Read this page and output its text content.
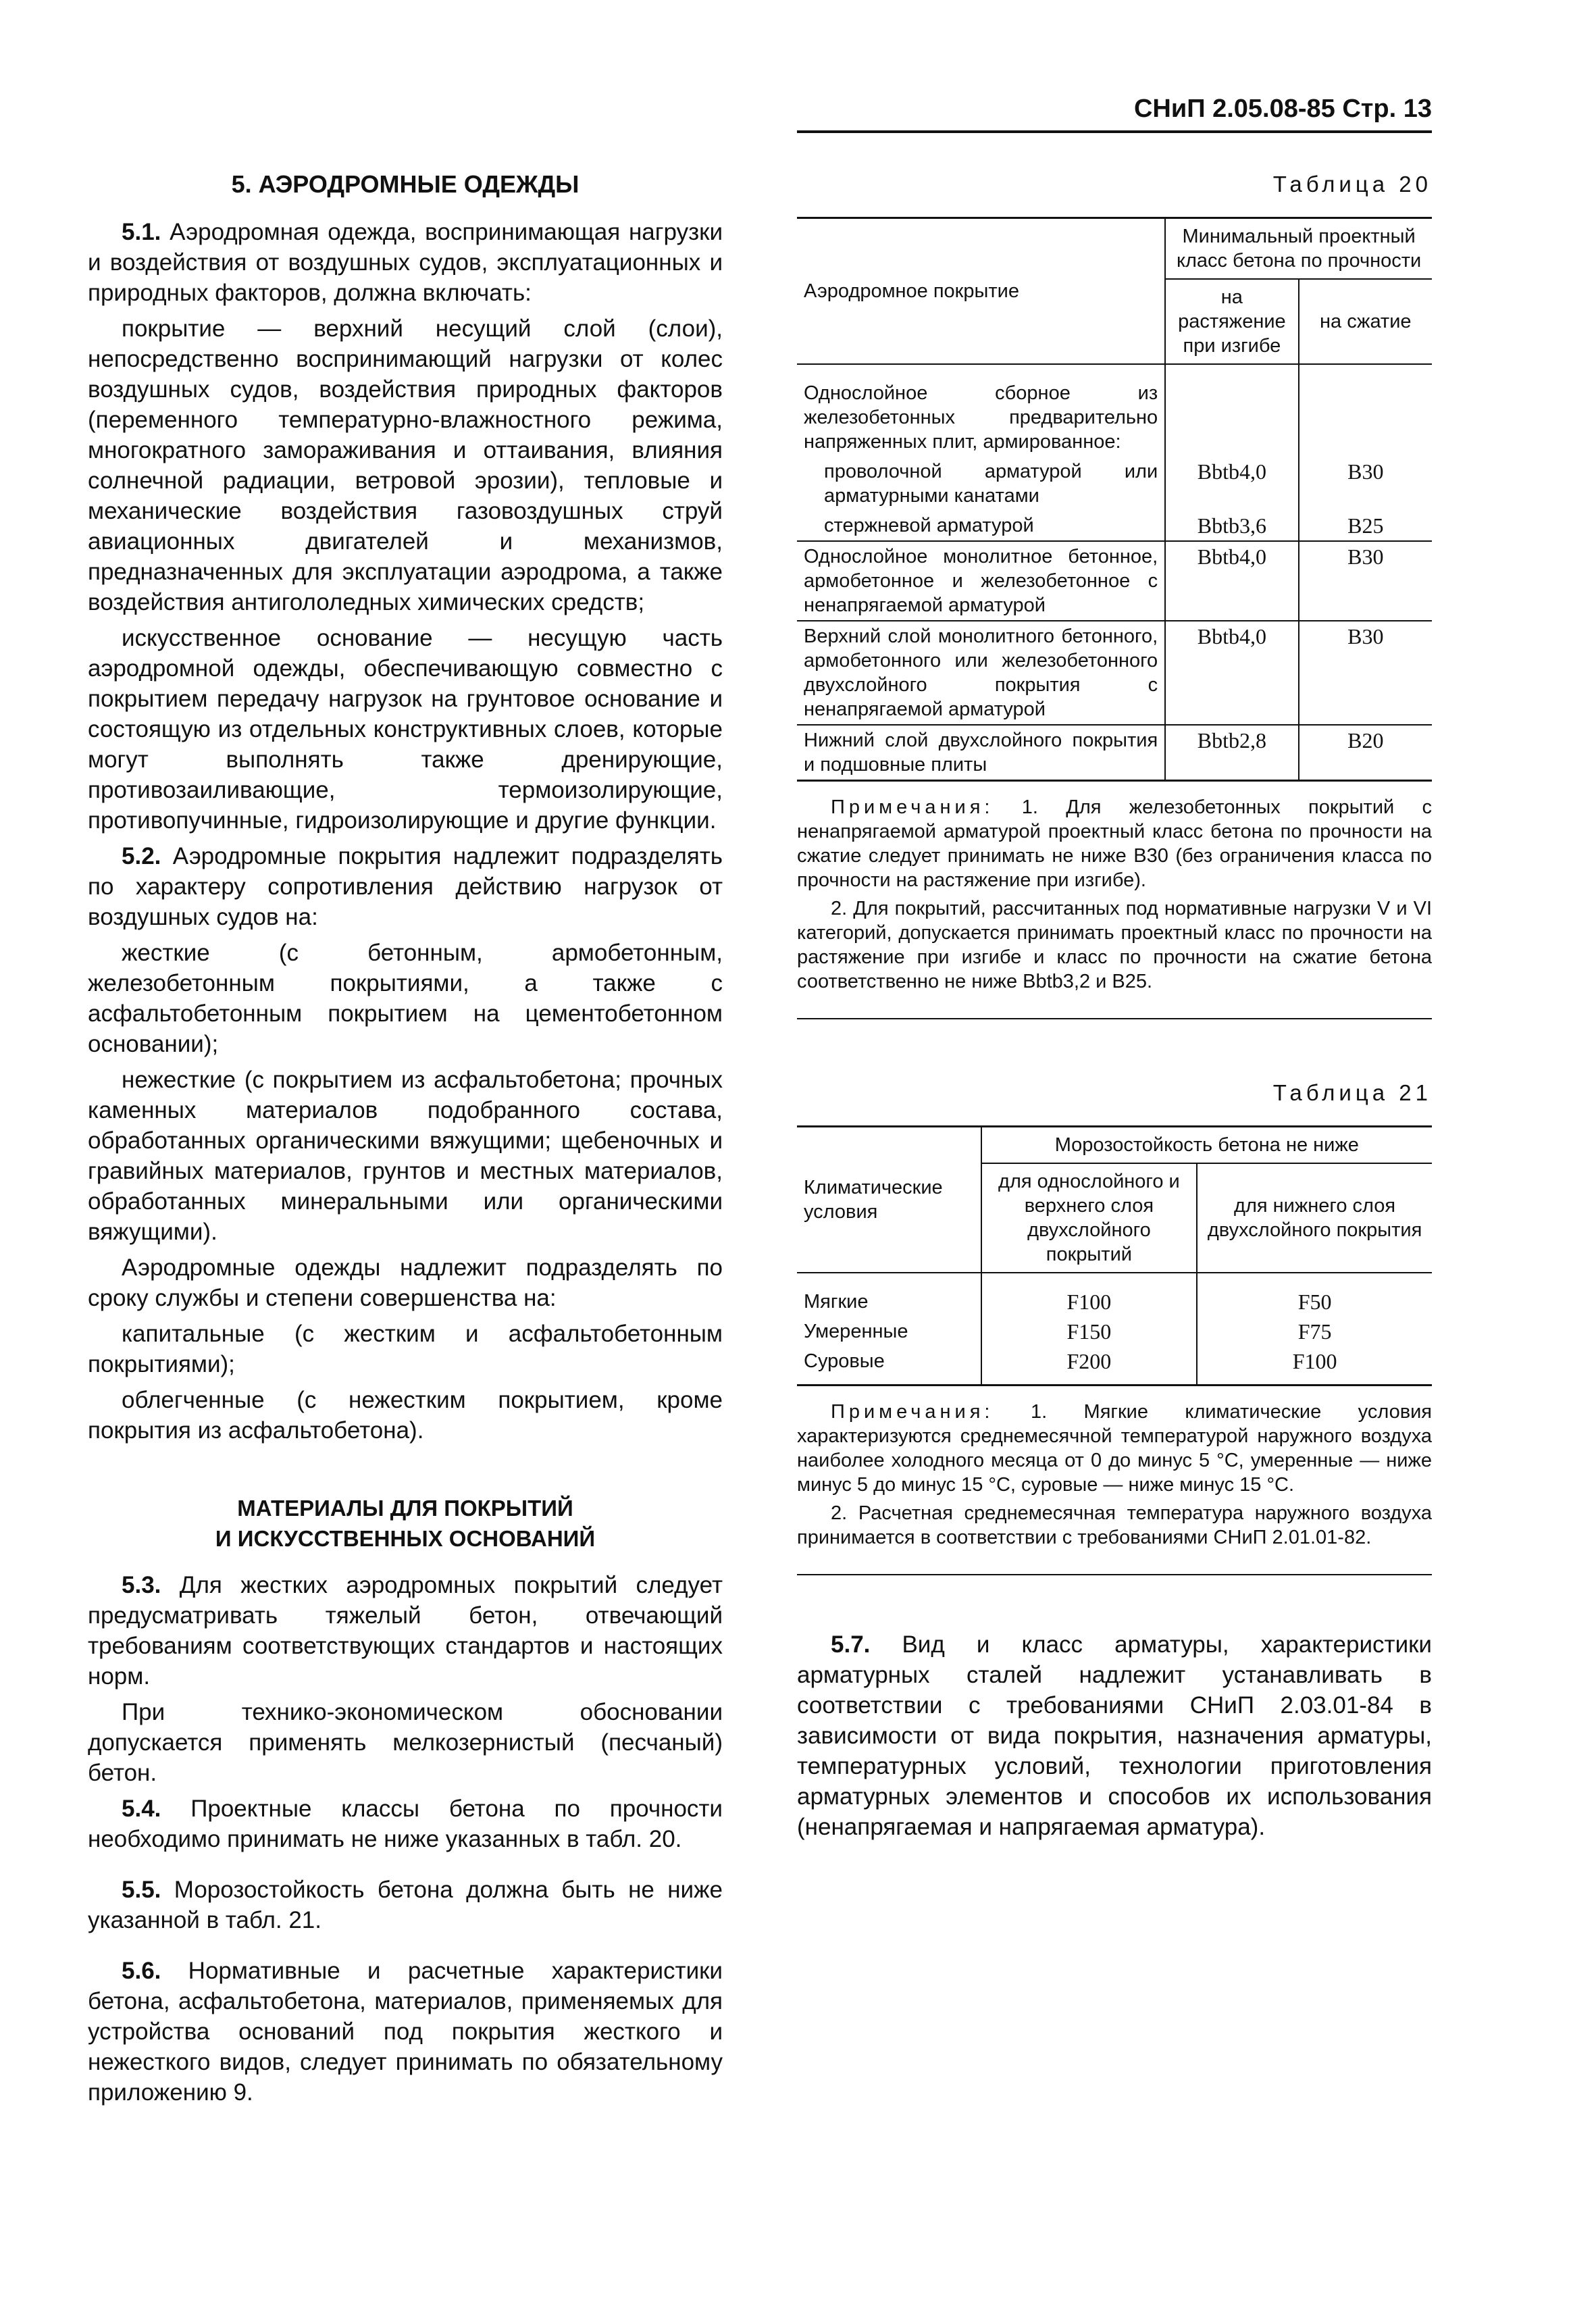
СНиП 2.05.08-85 Стр. 13
5. АЭРОДРОМНЫЕ ОДЕЖДЫ

5.1. Аэродромная одежда, воспринимающая нагрузки и воздействия от воздушных судов, эксплуатационных и природных факторов, должна включать:

покрытие — верхний несущий слой (слои), непосредственно воспринимающий нагрузки от колес воздушных судов, воздействия природных факторов (переменного температурно-влажностного режима, многократного замораживания и оттаивания, влияния солнечной радиации, ветровой эрозии), тепловые и механические воздействия газовоздушных струй авиационных двигателей и механизмов, предназначенных для эксплуатации аэродрома, а также воздействия антигололедных химических средств;

искусственное основание — несущую часть аэродромной одежды, обеспечивающую совместно с покрытием передачу нагрузок на грунтовое основание и состоящую из отдельных конструктивных слоев, которые могут выполнять также дренирующие, противозаиливающие, термоизолирующие, противопучинные, гидроизолирующие и другие функции.

5.2. Аэродромные покрытия надлежит подразделять по характеру сопротивления действию нагрузок от воздушных судов на:

жесткие (с бетонным, армобетонным, железобетонным покрытиями, а также с асфальтобетонным покрытием на цементобетонном основании);

нежесткие (с покрытием из асфальтобетона; прочных каменных материалов подобранного состава, обработанных органическими вяжущими; щебеночных и гравийных материалов, грунтов и местных материалов, обработанных минеральными или органическими вяжущими).

Аэродромные одежды надлежит подразделять по сроку службы и степени совершенства на:

капитальные (с жестким и асфальтобетонным покрытиями);

облегченные (с нежестким покрытием, кроме покрытия из асфальтобетона).

МАТЕРИАЛЫ ДЛЯ ПОКРЫТИЙ
И ИСКУССТВЕННЫХ ОСНОВАНИЙ

5.3. Для жестких аэродромных покрытий следует предусматривать тяжелый бетон, отвечающий требованиям соответствующих стандартов и настоящих норм.

При технико-экономическом обосновании допускается применять мелкозернистый (песчаный) бетон.

5.4. Проектные классы бетона по прочности необходимо принимать не ниже указанных в табл. 20.

5.5. Морозостойкость бетона должна быть не ниже указанной в табл. 21.

5.6. Нормативные и расчетные характеристики бетона, асфальтобетона, материалов, применяемых для устройства оснований под покрытия жесткого и нежесткого видов, следует принимать по обязательному приложению 9.

Таблица 20
Аэродромное покрытие	Минимальный проектный класс бетона по прочности	
	на растяжение при изгибе	на сжатие
Однослойное сборное из железобетонных предварительно напряженных плит, армированное:		
проволочной арматурой или арматурными канатами	Bbtb4,0	B30
стержневой арматурой	Bbtb3,6	B25
Однослойное монолитное бетонное, армобетонное и железобетонное с ненапрягаемой арматурой	Bbtb4,0	B30
Верхний слой монолитного бетонного, армобетонного или железобетонного двухслойного покрытия с ненапрягаемой арматурой	Bbtb4,0	B30
Нижний слой двухслойного покрытия и подшовные плиты	Bbtb2,8	B20

Примечания: 1. Для железобетонных покрытий с ненапрягаемой арматурой проектный класс бетона по прочности на сжатие следует принимать не ниже B30 (без ограничения класса по прочности на растяжение при изгибе).

2. Для покрытий, рассчитанных под нормативные нагрузки V и VI категорий, допускается принимать проектный класс по прочности на растяжение при изгибе и класс по прочности на сжатие бетона соответственно не ниже Bbtb3,2 и B25.

Таблица 21
Климатические условия	Морозостойкость бетона не ниже	
	для однослойного и верхнего слоя двухслойного покрытий	для нижнего слоя двухслойного покрытия
Мягкие	F100	F50
Умеренные	F150	F75
Суровые	F200	F100

Примечания: 1. Мягкие климатические условия характеризуются среднемесячной температурой наружного воздуха наиболее холодного месяца от 0 до минус 5 °С, умеренные — ниже минус 5 до минус 15 °С, суровые — ниже минус 15 °С.

2. Расчетная среднемесячная температура наружного воздуха принимается в соответствии с требованиями СНиП 2.01.01-82.

5.7. Вид и класс арматуры, характеристики арматурных сталей надлежит устанавливать в соответствии с требованиями СНиП 2.03.01-84 в зависимости от вида покрытия, назначения арматуры, температурных условий, технологии приготовления арматурных элементов и способов их использования (ненапрягаемая и напрягаемая арматура).
